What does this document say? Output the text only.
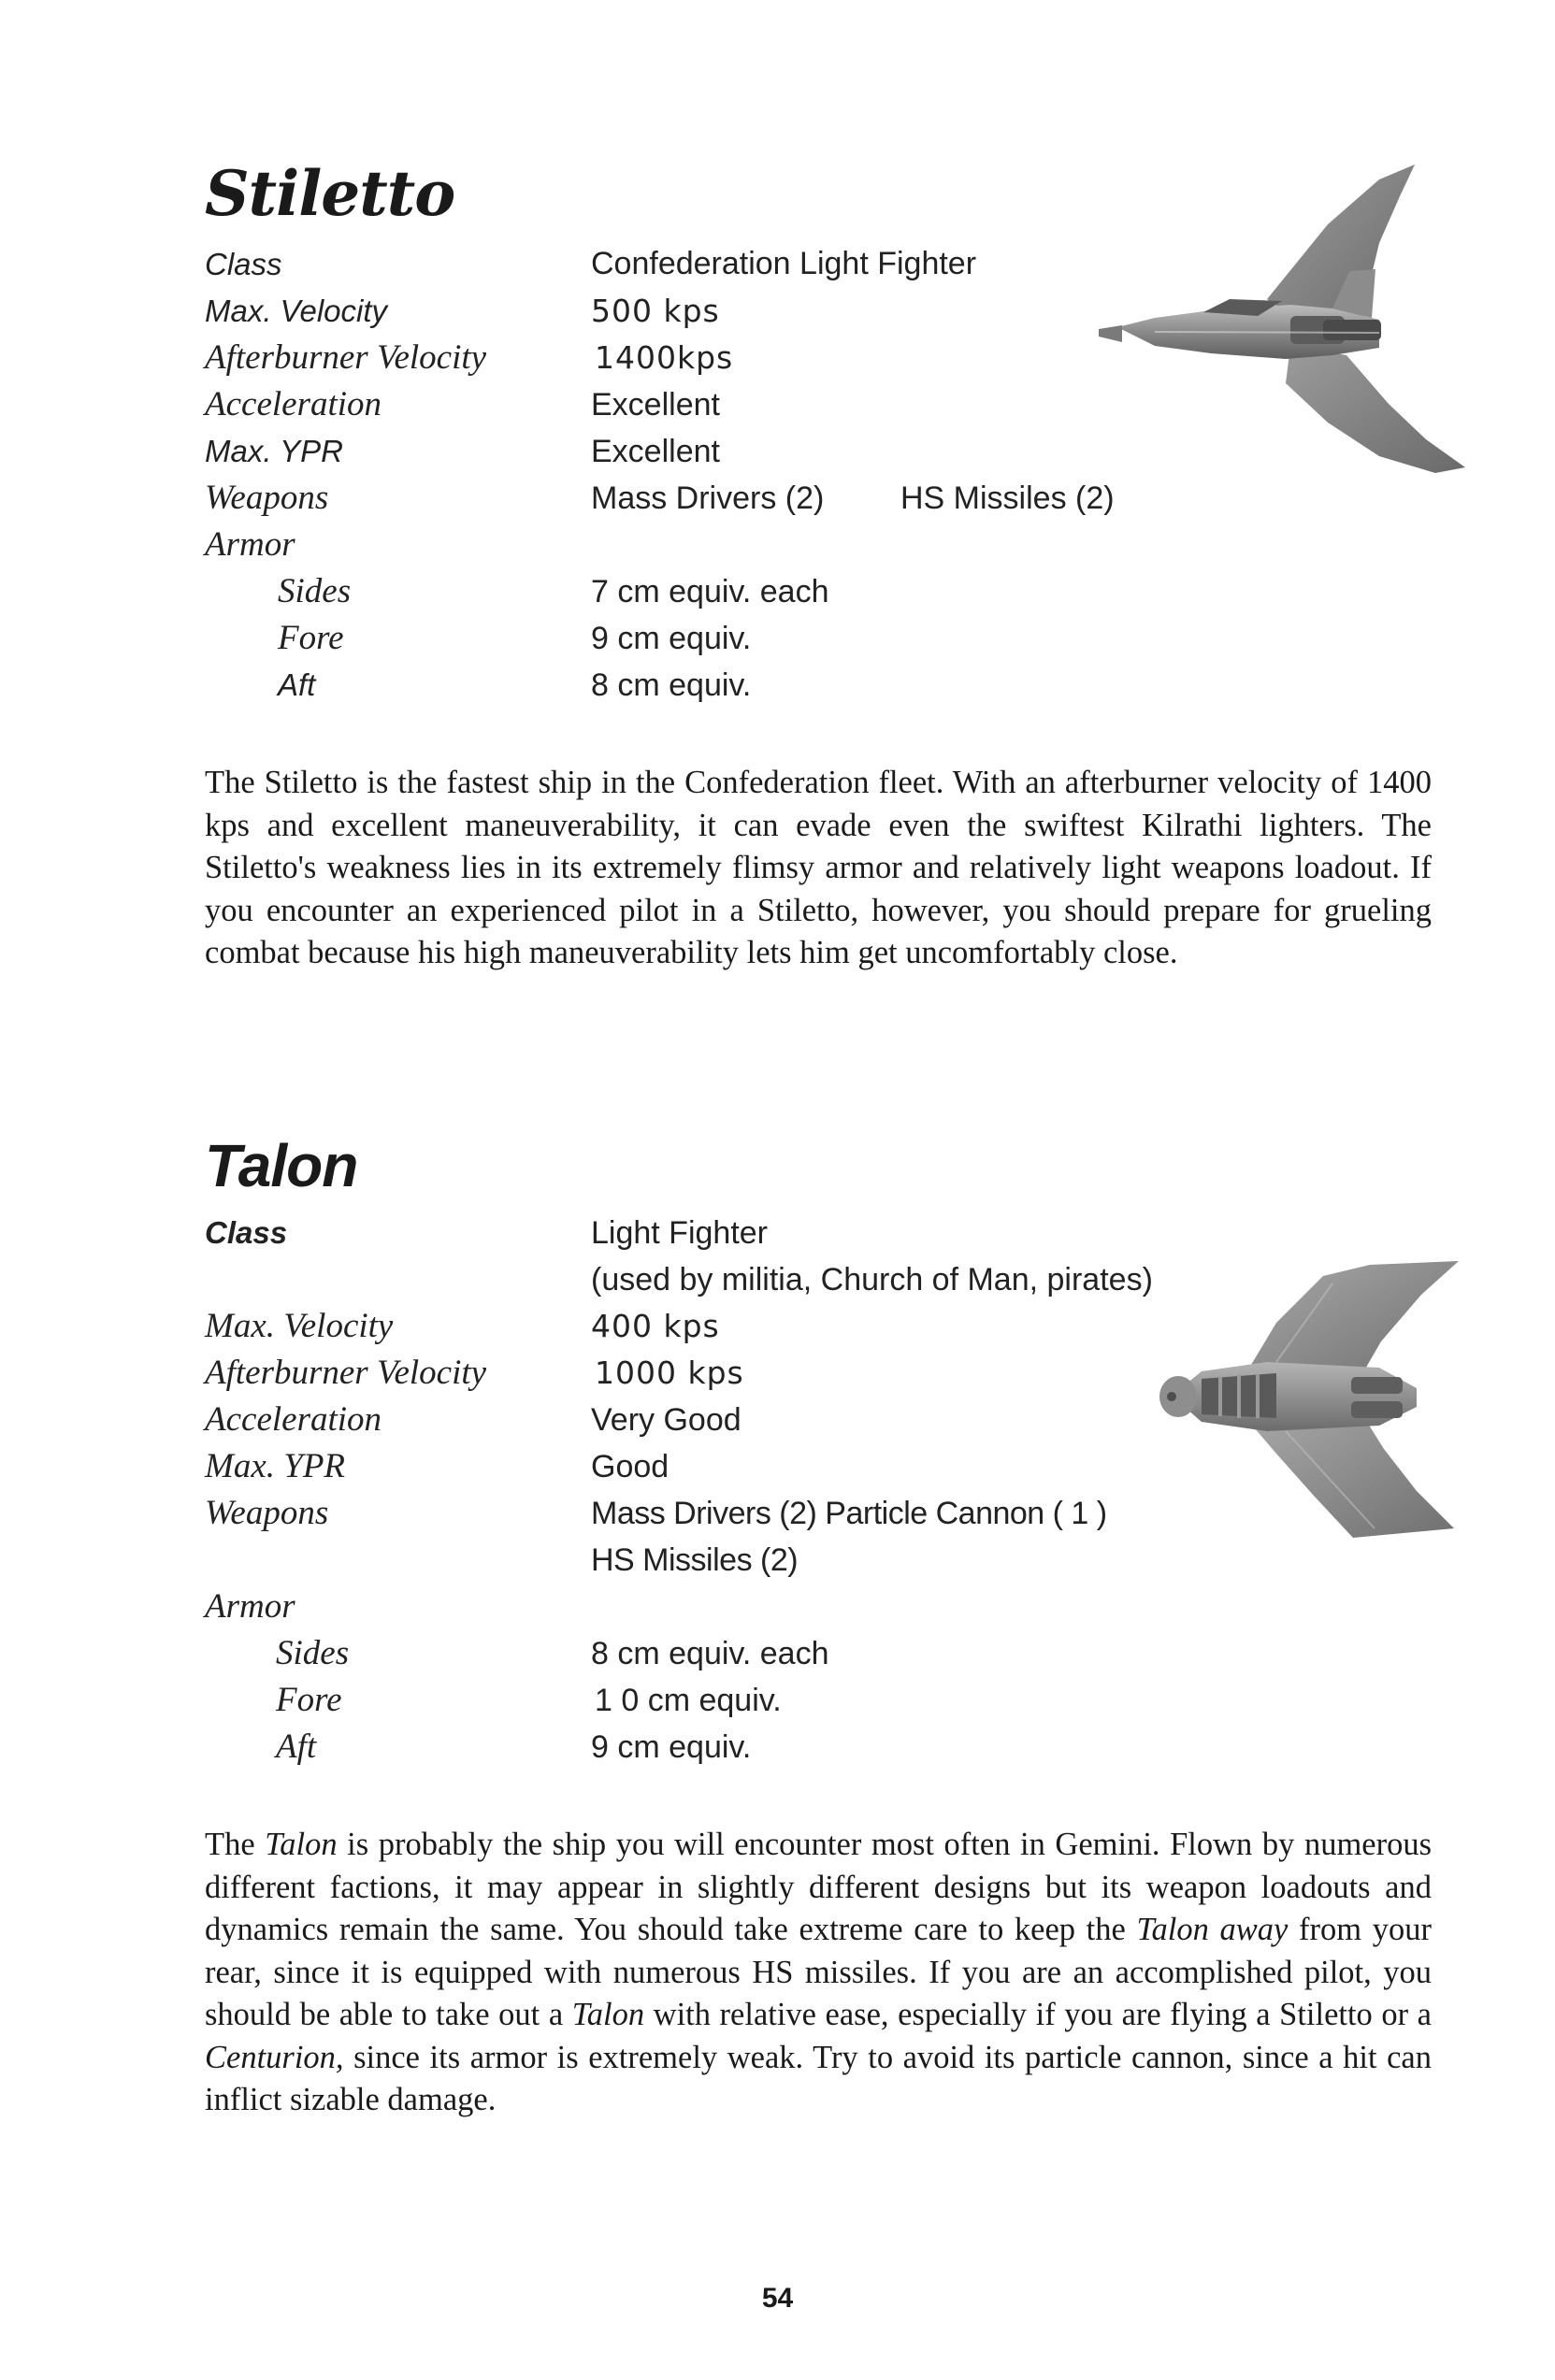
Stiletto
Class	Confederation Light Fighter
Max. Velocity	500 kps
Afterburner Velocity	1400kps
Acceleration	Excellent
Max. YPR	Excellent
Weapons	Mass Drivers (2) HS Missiles (2)
Armor
Sides	7 cm equiv. each
Fore	9 cm equiv.
Aft	8 cm equiv.

The Stiletto is the fastest ship in the Confederation fleet. With an afterburner velocity of 1400 kps and excellent maneuverability, it can evade even the swiftest Kilrathi lighters. The Stiletto's weakness lies in its extremely flimsy armor and relatively light weapons loadout. If you encounter an experienced pilot in a Stiletto, however, you should prepare for grueling combat because his high maneuverability lets him get uncomfortably close.

Talon
Class	Light Fighter
(used by militia, Church of Man, pirates)
Max. Velocity	400 kps
Afterburner Velocity	1000 kps
Acceleration	Very Good
Max. YPR	Good
Weapons	Mass Drivers (2) Particle Cannon ( 1 )
HS Missiles (2)
Armor
Sides	8 cm equiv. each
Fore	1 0 cm equiv.
Aft	9 cm equiv.

The Talon is probably the ship you will encounter most often in Gemini. Flown by numerous different factions, it may appear in slightly different designs but its weapon loadouts and dynamics remain the same. You should take extreme care to keep the Talon away from your rear, since it is equipped with numerous HS missiles. If you are an accomplished pilot, you should be able to take out a Talon with relative ease, especially if you are flying a Stiletto or a Centurion, since its armor is extremely weak. Try to avoid its particle cannon, since a hit can inflict sizable damage.

54
